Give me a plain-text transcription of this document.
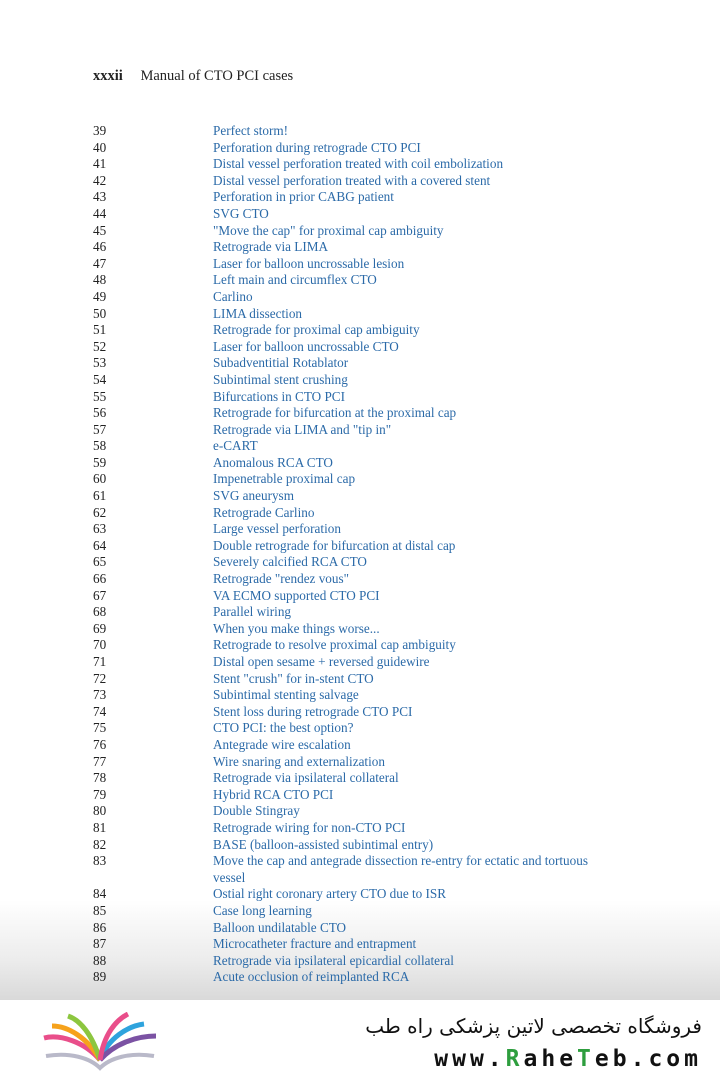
xxxii Manual of CTO PCI cases
39	Perfect storm!
40	Perforation during retrograde CTO PCI
41	Distal vessel perforation treated with coil embolization
42	Distal vessel perforation treated with a covered stent
43	Perforation in prior CABG patient
44	SVG CTO
45	"Move the cap" for proximal cap ambiguity
46	Retrograde via LIMA
47	Laser for balloon uncrossable lesion
48	Left main and circumflex CTO
49	Carlino
50	LIMA dissection
51	Retrograde for proximal cap ambiguity
52	Laser for balloon uncrossable CTO
53	Subadventitial Rotablator
54	Subintimal stent crushing
55	Bifurcations in CTO PCI
56	Retrograde for bifurcation at the proximal cap
57	Retrograde via LIMA and "tip in"
58	e-CART
59	Anomalous RCA CTO
60	Impenetrable proximal cap
61	SVG aneurysm
62	Retrograde Carlino
63	Large vessel perforation
64	Double retrograde for bifurcation at distal cap
65	Severely calcified RCA CTO
66	Retrograde "rendez vous"
67	VA ECMO supported CTO PCI
68	Parallel wiring
69	When you make things worse...
70	Retrograde to resolve proximal cap ambiguity
71	Distal open sesame + reversed guidewire
72	Stent "crush" for in-stent CTO
73	Subintimal stenting salvage
74	Stent loss during retrograde CTO PCI
75	CTO PCI: the best option?
76	Antegrade wire escalation
77	Wire snaring and externalization
78	Retrograde via ipsilateral collateral
79	Hybrid RCA CTO PCI
80	Double Stingray
81	Retrograde wiring for non-CTO PCI
82	BASE (balloon-assisted subintimal entry)
83	Move the cap and antegrade dissection re-entry for ectatic and tortuous vessel
84	Ostial right coronary artery CTO due to ISR
85	Case long learning
86	Balloon undilatable CTO
87	Microcatheter fracture and entrapment
88	Retrograde via ipsilateral epicardial collateral
89	Acute occlusion of reimplanted RCA
فروشگاه تخصصی لاتین پزشکی راه طب
www.RaheTeb.com
